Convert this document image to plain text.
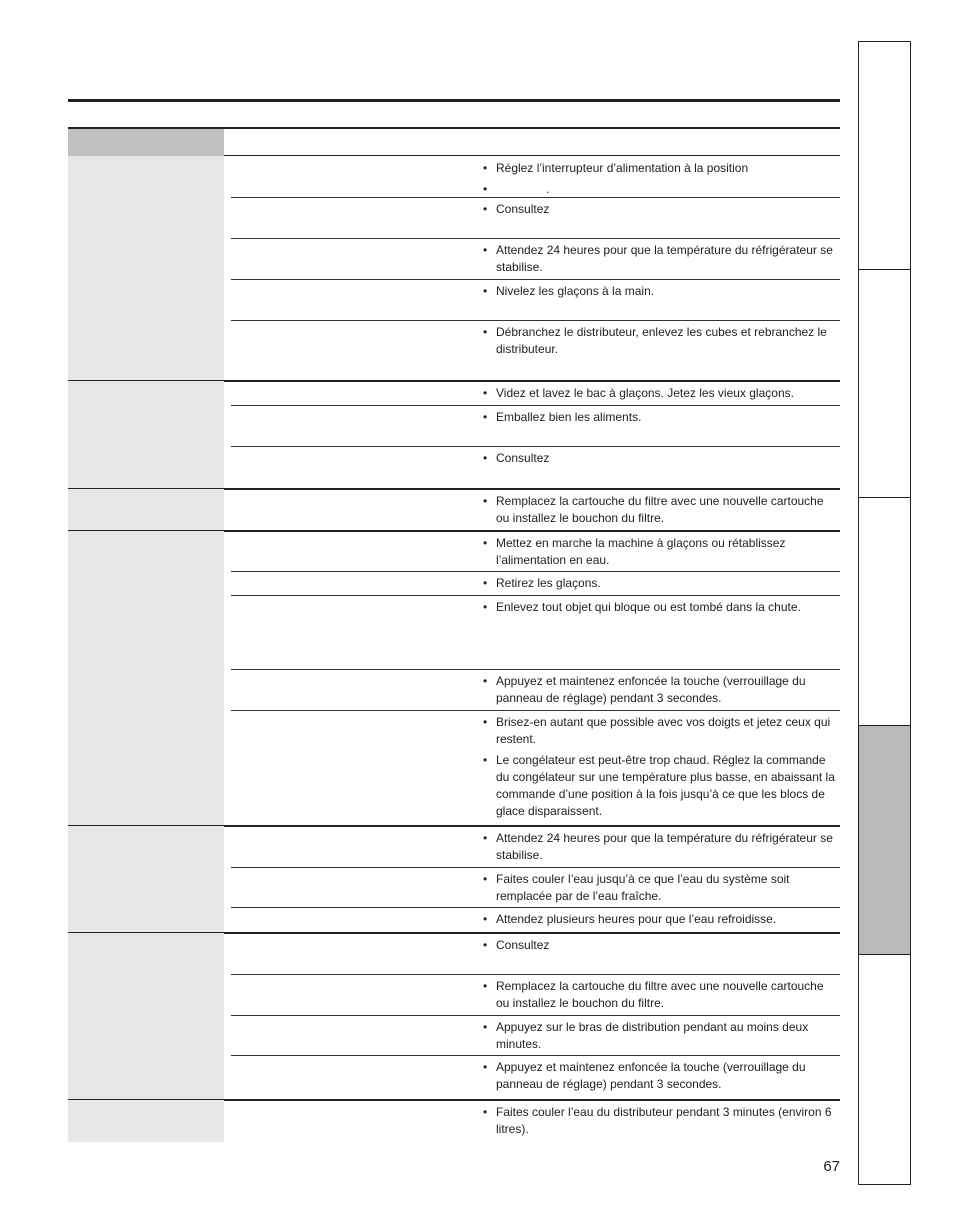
• Réglez l’interrupteur d’alimentation à la position
• .
• Consultez
• Attendez 24 heures pour que la température du réfrigérateur se stabilise.
• Nivelez les glaçons à la main.
• Débranchez le distributeur, enlevez les cubes et rebranchez le distributeur.
• Videz et lavez le bac à glaçons. Jetez les vieux glaçons.
• Emballez bien les aliments.
• Consultez
• Remplacez la cartouche du filtre avec une nouvelle cartouche ou installez le bouchon du filtre.
• Mettez en marche la machine à glaçons ou rétablissez l’alimentation en eau.
• Retirez les glaçons.
• Enlevez tout objet qui bloque ou est tombé dans la chute.
• Appuyez et maintenez enfoncée la touche (verrouillage du panneau de réglage) pendant 3 secondes.
• Brisez-en autant que possible avec vos doigts et jetez ceux qui restent.
• Le congélateur est peut-être trop chaud. Réglez la commande du congélateur sur une température plus basse, en abaissant la commande d’une position à la fois jusqu’à ce que les blocs de glace disparaissent.
• Attendez 24 heures pour que la température du réfrigérateur se stabilise.
• Faites couler l’eau jusqu’à ce que l’eau du système soit remplacée par de l’eau fraîche.
• Attendez plusieurs heures pour que l’eau refroidisse.
• Consultez
• Remplacez la cartouche du filtre avec une nouvelle cartouche ou installez le bouchon du filtre.
• Appuyez sur le bras de distribution pendant au moins deux minutes.
• Appuyez et maintenez enfoncée la touche (verrouillage du panneau de réglage) pendant 3 secondes.
• Faites couler l’eau du distributeur pendant 3 minutes (environ 6 litres).
67
